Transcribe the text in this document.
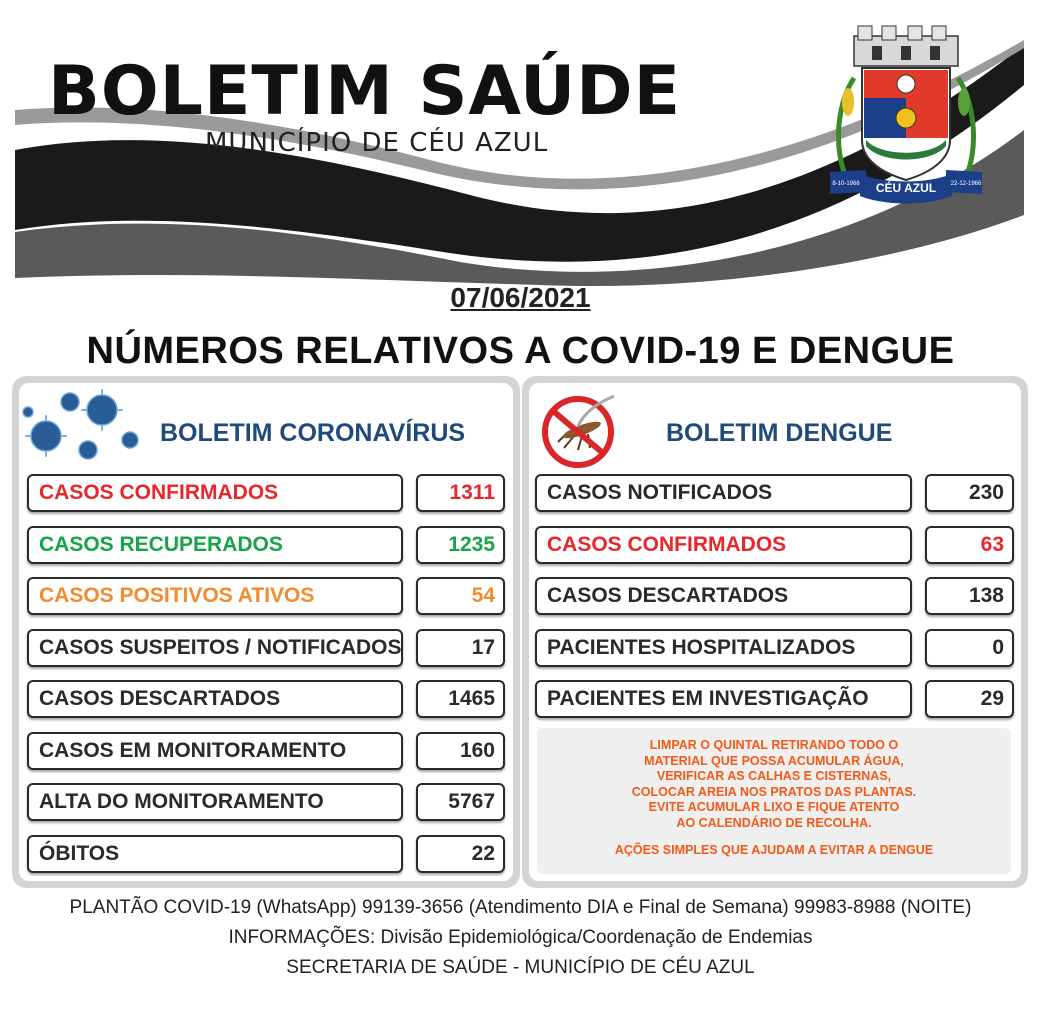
BOLETIM SAÚDE
MUNICÍPIO DE CÉU AZUL
CÉU AZUL
8-10-1966	22-12-1966
07/06/2021
NÚMEROS RELATIVOS A COVID-19 E DENGUE
BOLETIM CORONAVÍRUS
CASOS CONFIRMADOS	1311
CASOS RECUPERADOS	1235
CASOS POSITIVOS ATIVOS	54
CASOS SUSPEITOS / NOTIFICADOS	17
CASOS DESCARTADOS	1465
CASOS EM MONITORAMENTO	160
ALTA DO MONITORAMENTO	5767
ÓBITOS	22
BOLETIM DENGUE
CASOS NOTIFICADOS	230
CASOS CONFIRMADOS	63
CASOS DESCARTADOS	138
PACIENTES HOSPITALIZADOS	0
PACIENTES EM INVESTIGAÇÃO	29
LIMPAR O QUINTAL RETIRANDO TODO O
MATERIAL QUE POSSA ACUMULAR ÁGUA,
VERIFICAR AS CALHAS E CISTERNAS,
COLOCAR AREIA NOS PRATOS DAS PLANTAS.
EVITE ACUMULAR LIXO E FIQUE ATENTO
AO CALENDÁRIO DE RECOLHA.
AÇÕES SIMPLES QUE AJUDAM A EVITAR A DENGUE
PLANTÃO COVID-19 (WhatsApp) 99139-3656 (Atendimento DIA e Final de Semana) 99983-8988 (NOITE)
INFORMAÇÕES: Divisão Epidemiológica/Coordenação de Endemias
SECRETARIA DE SAÚDE - MUNICÍPIO DE CÉU AZUL
